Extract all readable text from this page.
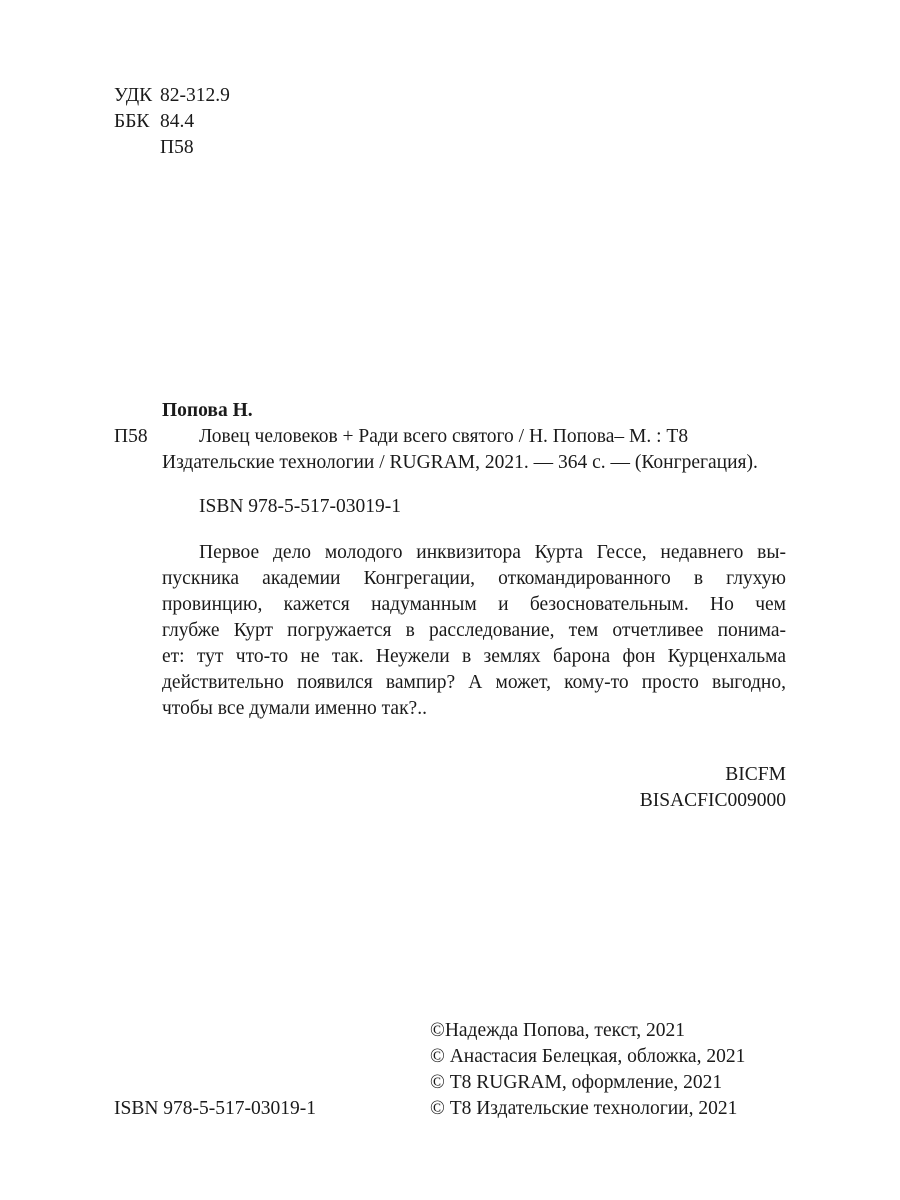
УДК 82-312.9
ББК 84.4
П58
Попова Н.
П58	Ловец человеков + Ради всего святого / Н. Попова– М. : Т8
Издательские технологии / RUGRAM, 2021. — 364 с. — (Конгрегация).
ISBN 978-5-517-03019-1
Первое дело молодого инквизитора Курта Гессе, недавнего вы-
пускника академии Конгрегации, откомандированного в глухую
провинцию, кажется надуманным и безосновательным. Но чем
глубже Курт погружается в расследование, тем отчетливее понима-
ет: тут что-то не так. Неужели в землях барона фон Курценхальма
действительно появился вампир? А может, кому-то просто выгодно,
чтобы все думали именно так?..
BICFM
BISACFIC009000
ISBN 978-5-517-03019-1
©Надежда Попова, текст, 2021
© Анастасия Белецкая, обложка, 2021
© Т8 RUGRAM, оформление, 2021
© Т8 Издательские технологии, 2021
